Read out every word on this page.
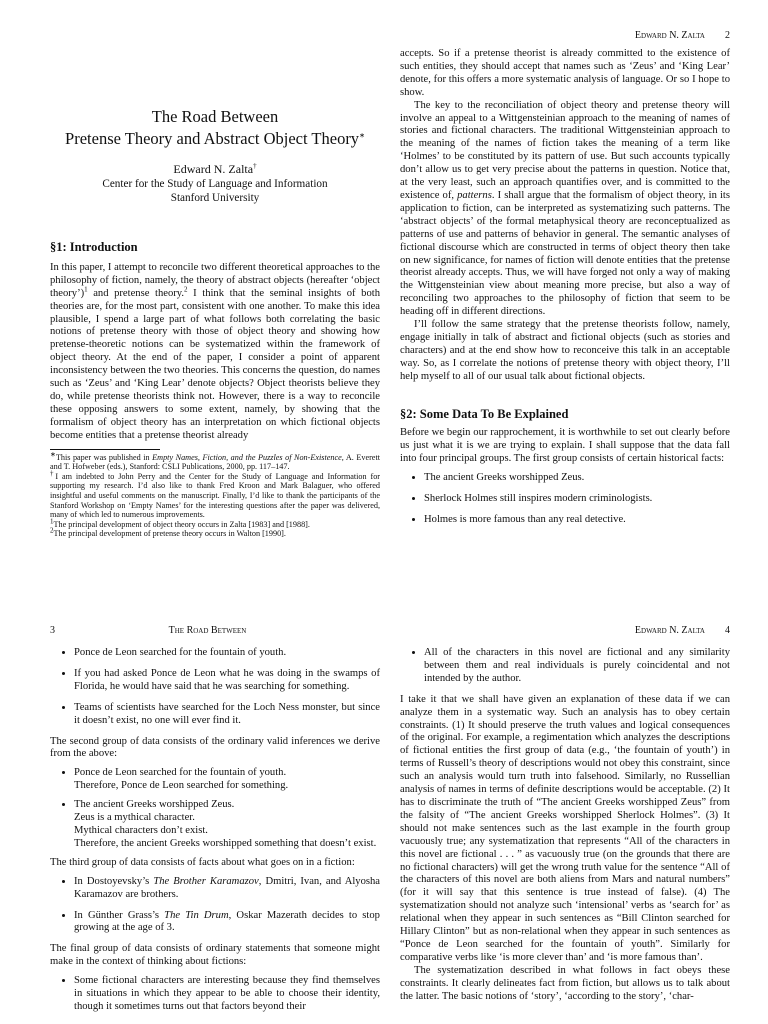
The Road Between
Pretense Theory and Abstract Object Theory∗
Edward N. Zalta†
Center for the Study of Language and Information
Stanford University
§1: Introduction

In this paper, I attempt to reconcile two different theoretical approaches to the philosophy of fiction, namely, the theory of abstract objects (hereafter ‘object theory’)$^1$ and pretense theory.$^2$ I think that the seminal insights of both theories are, for the most part, consistent with one another. To make this idea plausible, I spend a large part of what follows both correlating the basic notions of pretense theory with those of object theory and showing how pretense-theoretic notions can be systematized within the framework of object theory. At the end of the paper, I consider a point of apparent inconsistency between the two theories. This concerns the question, do names such as ‘Zeus’ and ‘King Lear’ denote objects? Object theorists believe they do, while pretense theorists think not. However, there is a way to reconcile these opposing answers to some extent, namely, by showing that the formalism of object theory has an interpretation on which fictional objects become entities that a pretense theorist already

∗This paper was published in Empty Names, Fiction, and the Puzzles of Non-Existence, A. Everett and T. Hofweber (eds.), Stanford: CSLI Publications, 2000, pp. 117–147.
†I am indebted to John Perry and the Center for the Study of Language and Information for supporting my research. I’d also like to thank Fred Kroon and Mark Balaguer, who offered insightful and useful comments on the manuscript. Finally, I’d like to thank the participants of the Stanford Workshop on ‘Empty Names’ for the interesting questions after the paper was delivered, many of which led to numerous improvements.
$^1$The principal development of object theory occurs in Zalta [1983] and [1988].
$^2$The principal development of pretense theory occurs in Walton [1990].
Edward N. Zalta 2

accepts. So if a pretense theorist is already committed to the existence of such entities, they should accept that names such as ‘Zeus’ and ‘King Lear’ denote, for this offers a more systematic analysis of language. Or so I hope to show.

The key to the reconciliation of object theory and pretense theory will involve an appeal to a Wittgensteinian approach to the meaning of names of stories and fictional characters. The traditional Wittgensteinian approach to the meaning of the names of fiction takes the meaning of a term like ‘Holmes’ to be constituted by its pattern of use. But such accounts typically don’t allow us to get very precise about the patterns in question. Notice that, at the very least, such an approach quantifies over, and is committed to the existence of, patterns. I shall argue that the formalism of object theory, in its application to fiction, can be interpreted as systematizing such patterns. The ‘abstract objects’ of the formal metaphysical theory are reconceptualized as patterns of use and patterns of behavior in general. The semantic analyses of fictional discourse which are constructed in terms of object theory then take on new significance, for names of fiction will denote entities that the pretense theorist already accepts. Thus, we will have forged not only a way of making the Wittgensteinian view about meaning more precise, but also a way of reconciling two approaches to the philosophy of fiction that seem to be heading off in different directions.

I’ll follow the same strategy that the pretense theorists follow, namely, engage initially in talk of abstract and fictional objects (such as stories and characters) and at the end show how to reconceive this talk in an acceptable way. So, as I correlate the notions of pretense theory with object theory, I’ll help myself to all of our usual talk about fictional objects.

§2: Some Data To Be Explained

Before we begin our rapprochement, it is worthwhile to set out clearly before us just what it is we are trying to explain. I shall suppose that the data fall into four principal groups. The first group consists of certain historical facts:

• The ancient Greeks worshipped Zeus.
• Sherlock Holmes still inspires modern criminologists.
• Holmes is more famous than any real detective.
3	The Road Between
• Ponce de Leon searched for the fountain of youth.
• If you had asked Ponce de Leon what he was doing in the swamps of Florida, he would have said that he was searching for something.
• Teams of scientists have searched for the Loch Ness monster, but since it doesn’t exist, no one will ever find it.

The second group of data consists of the ordinary valid inferences we derive from the above:

• Ponce de Leon searched for the fountain of youth.
Therefore, Ponce de Leon searched for something.
• The ancient Greeks worshipped Zeus.
Zeus is a mythical character.
Mythical characters don’t exist.
Therefore, the ancient Greeks worshipped something that doesn’t exist.

The third group of data consists of facts about what goes on in a fiction:

• In Dostoyevsky’s The Brother Karamazov, Dmitri, Ivan, and Alyosha Karamazov are brothers.
• In Günther Grass’s The Tin Drum, Oskar Mazerath decides to stop growing at the age of 3.

The final group of data consists of ordinary statements that someone might make in the context of thinking about fictions:

• Some fictional characters are interesting because they find themselves in situations in which they appear to be able to choose their identity, though it sometimes turns out that factors beyond their
Edward N. Zalta 4
• All of the characters in this novel are fictional and any similarity between them and real individuals is purely coincidental and not intended by the author.

I take it that we shall have given an explanation of these data if we can analyze them in a systematic way. Such an analysis has to obey certain constraints. (1) It should preserve the truth values and logical consequences of the original. For example, a regimentation which analyzes the descriptions of fictional entities the first group of data (e.g., ‘the fountain of youth’) in terms of Russell’s theory of descriptions would not obey this constraint, since such an analysis would turn truth into falsehood. Similarly, no Russellian analysis of names in terms of definite descriptions would be acceptable. (2) It has to discriminate the truth of “The ancient Greeks worshipped Zeus” from the falsity of “The ancient Greeks worshipped Sherlock Holmes”. (3) It should not make sentences such as the last example in the fourth group vacuously true; any systematization that represents “All of the characters in this novel are fictional . . . ” as vacuously true (on the grounds that there are no fictional characters) will get the wrong truth value for the sentence “All of the characters of this novel are both aliens from Mars and natural numbers” (for it will say that this sentence is true instead of false). (4) The systematization should not analyze such ‘intensional’ verbs as ‘search for’ as relational when they appear in such sentences as “Bill Clinton searched for Hillary Clinton” but as non-relational when they appear in such sentences as “Ponce de Leon searched for the fountain of youth”. Similarly for comparative verbs like ‘is more clever than’ and ‘is more famous than’.

The systematization described in what follows in fact obeys these constraints. It clearly delineates fact from fiction, but allows us to talk about the latter. The basic notions of ‘story’, ‘according to the story’, ‘char-
